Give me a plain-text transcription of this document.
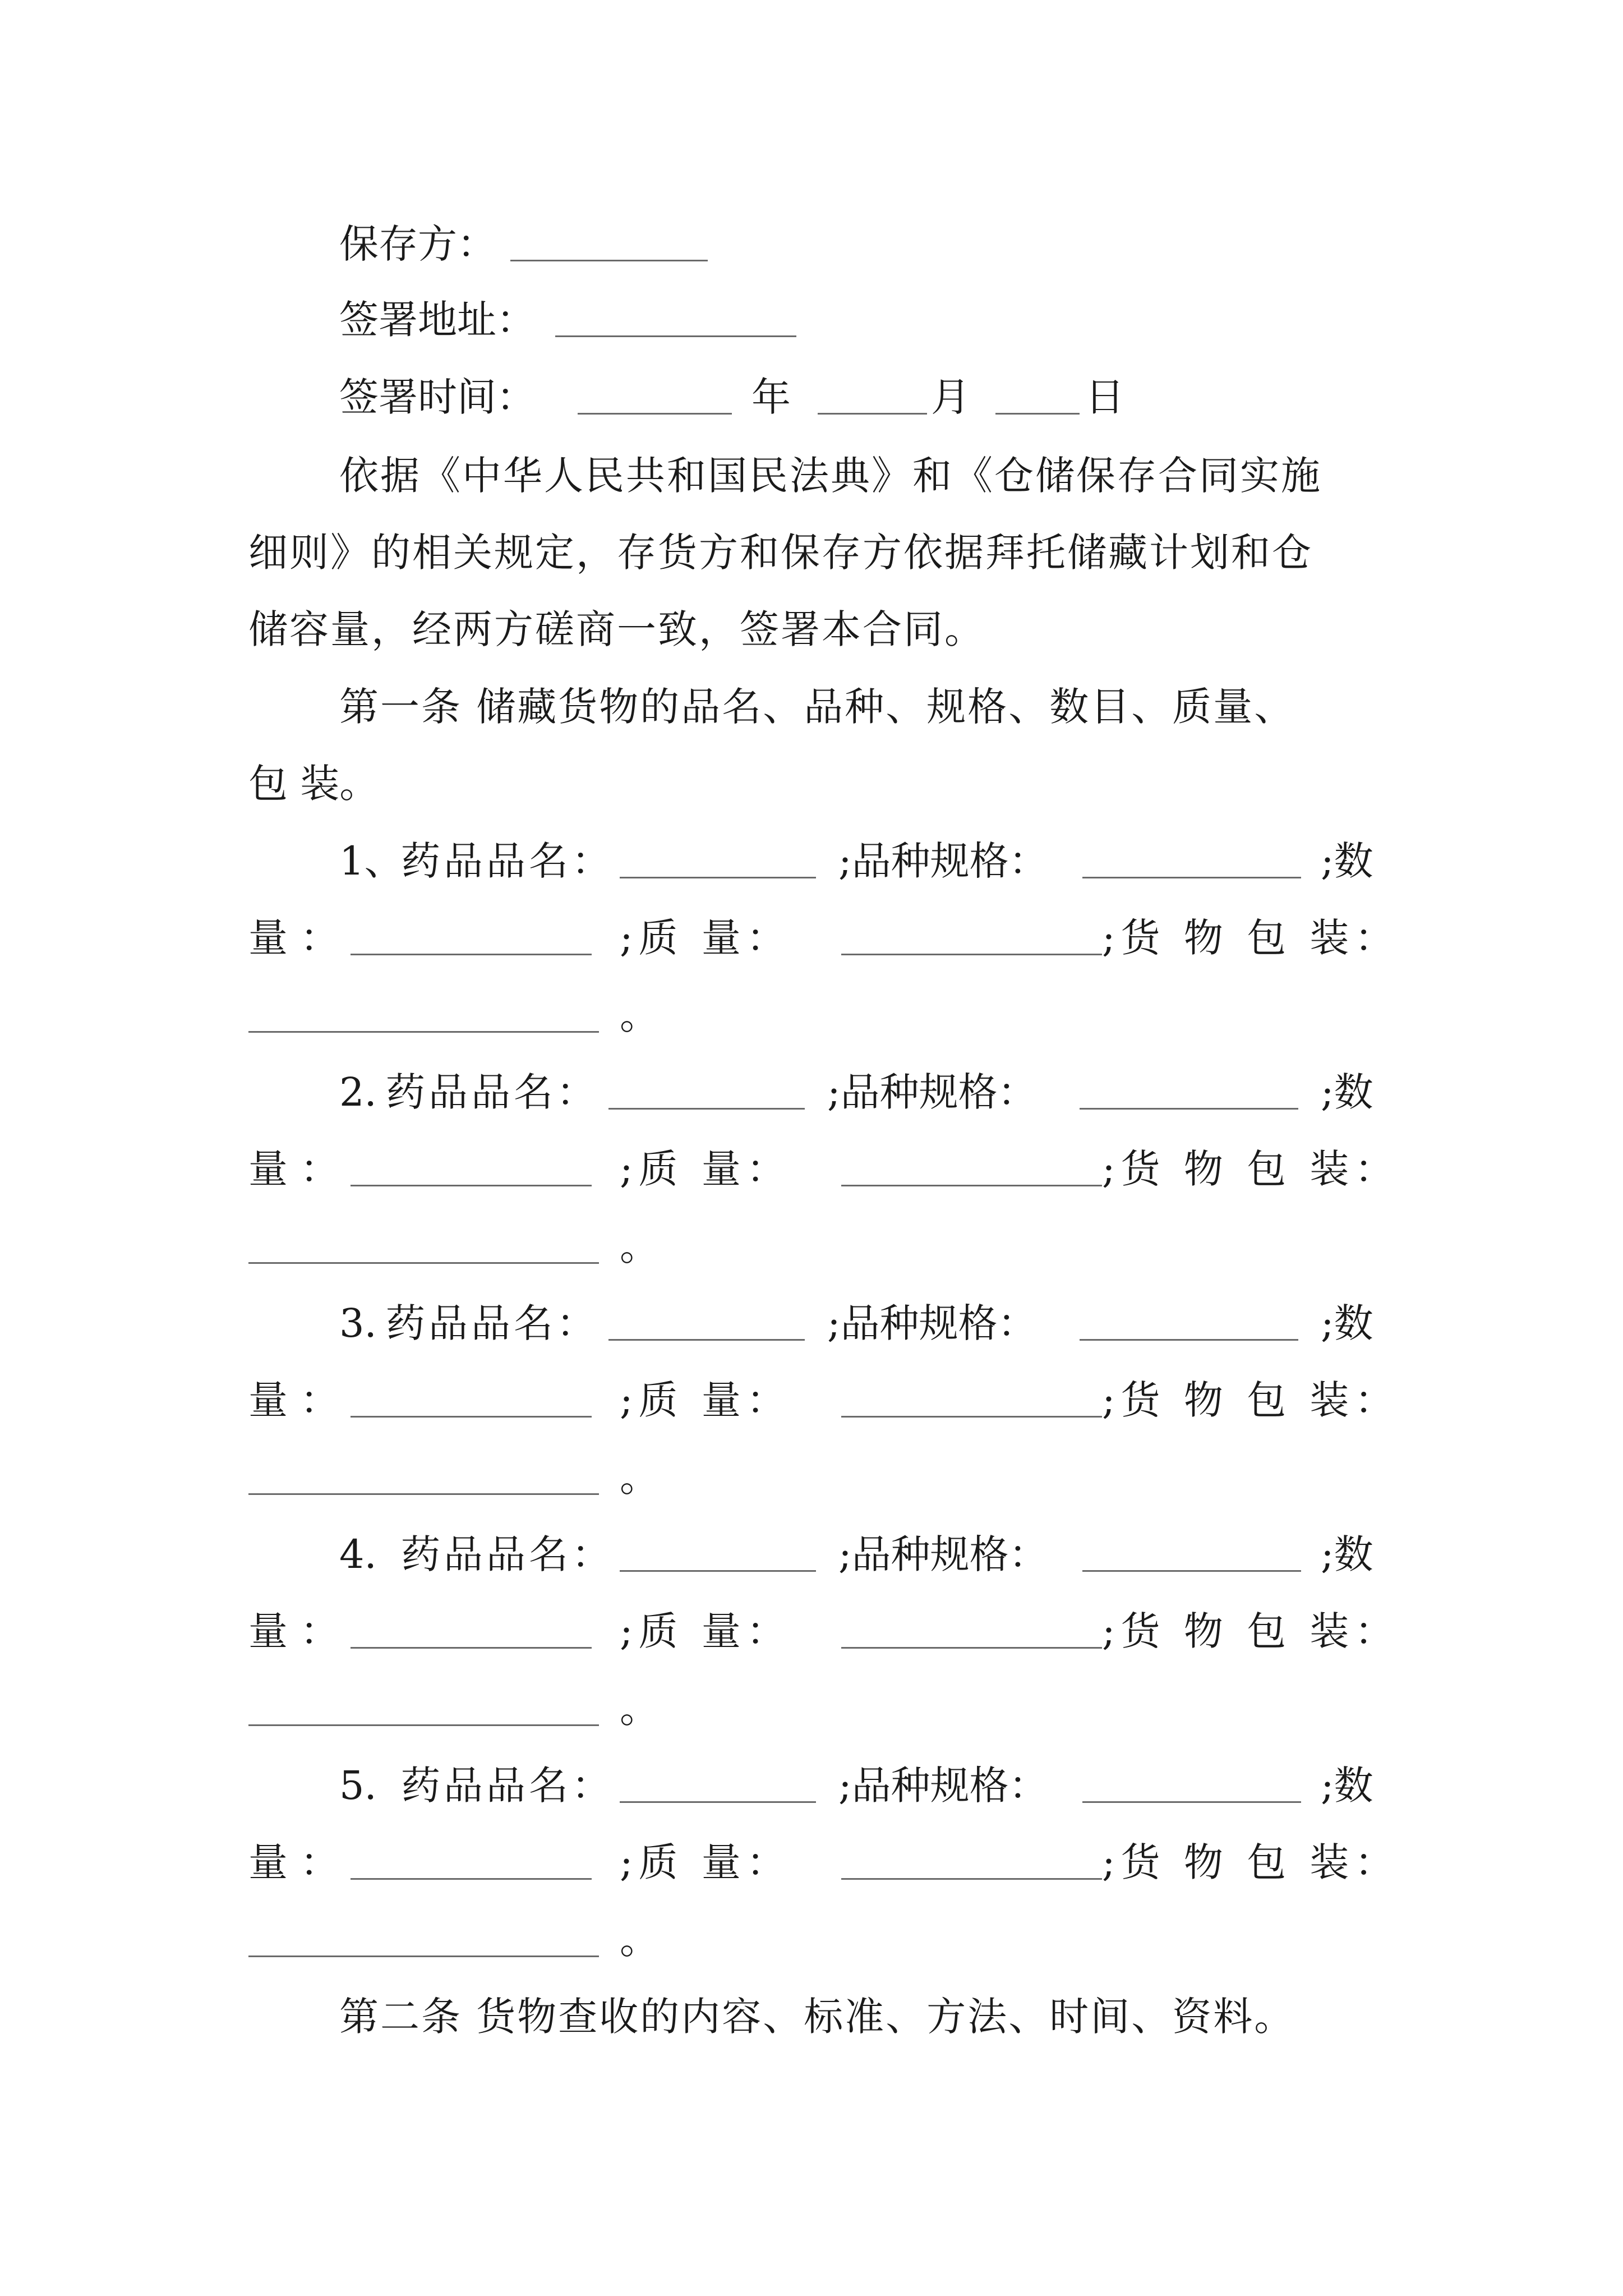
保存方：
签署地址：
签署时间：	年	月	日
依据《中华人民共和国民法典》和《仓储保存合同实施
细则》的相关规定，存货方和保存方依据拜托储藏计划和仓
储容量，经两方磋商一致，签署本合同。
第一条 储藏货物的品名、品种、规格、数目、质量、
包 装。
1、
药品品名：	;品种规格：	;数
量：	;质 量：	;货 物 包 装：
。
2. 药品品名：	;品种规格：	;数
量：	;质 量：	;货 物 包 装：
。
3. 药品品名：	;品种规格：	;数
量：	;质 量：	;货 物 包 装：
。
4. 药品品名：	;品种规格：	;数
量：	;质 量：	;货 物 包 装：
。
5. 药品品名：	;品种规格：	;数
量：	;质 量：	;货 物 包 装：
。
第二条 货物查收的内容、标准、方法、时间、资料。
